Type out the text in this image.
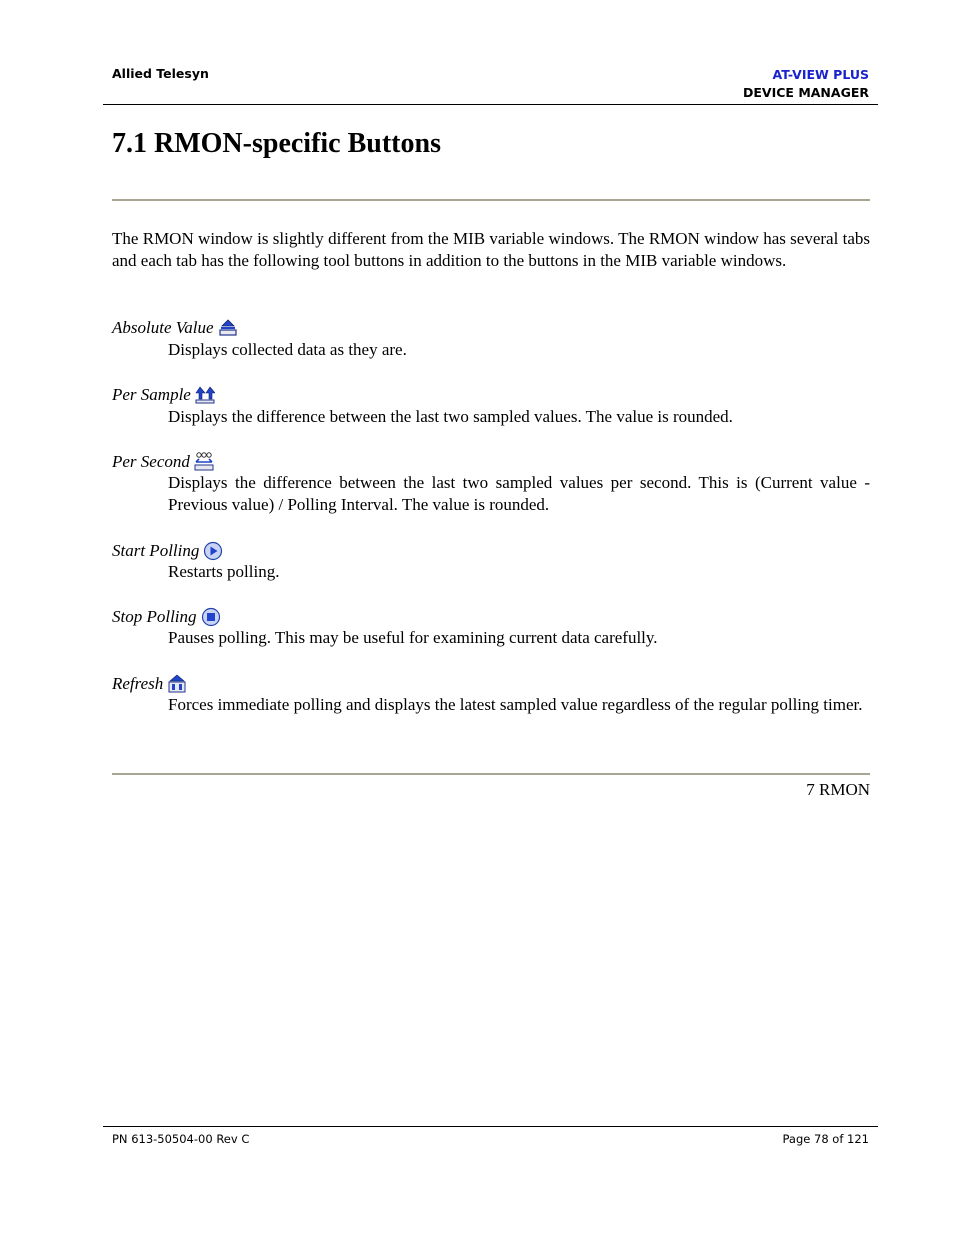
Allied Telesyn	AT-VIEW PLUS
DEVICE MANAGER
7.1 RMON-specific Buttons

The RMON window is slightly different from the MIB variable windows. The RMON window has several tabs and each tab has the following tool buttons in addition to the buttons in the MIB variable windows.

Absolute Value

Displays collected data as they are.

Per Sample

Displays the difference between the last two sampled values. The value is rounded.

Per Second

Displays the difference between the last two sampled values per second. This is (Current value - Previous value) / Polling Interval. The value is rounded.

Start Polling

Restarts polling.

Stop Polling

Pauses polling. This may be useful for examining current data carefully.

Refresh

Forces immediate polling and displays the latest sampled value regardless of the regular polling timer.

7 RMON
PN 613-50504-00 Rev C	Page 78 of 121
